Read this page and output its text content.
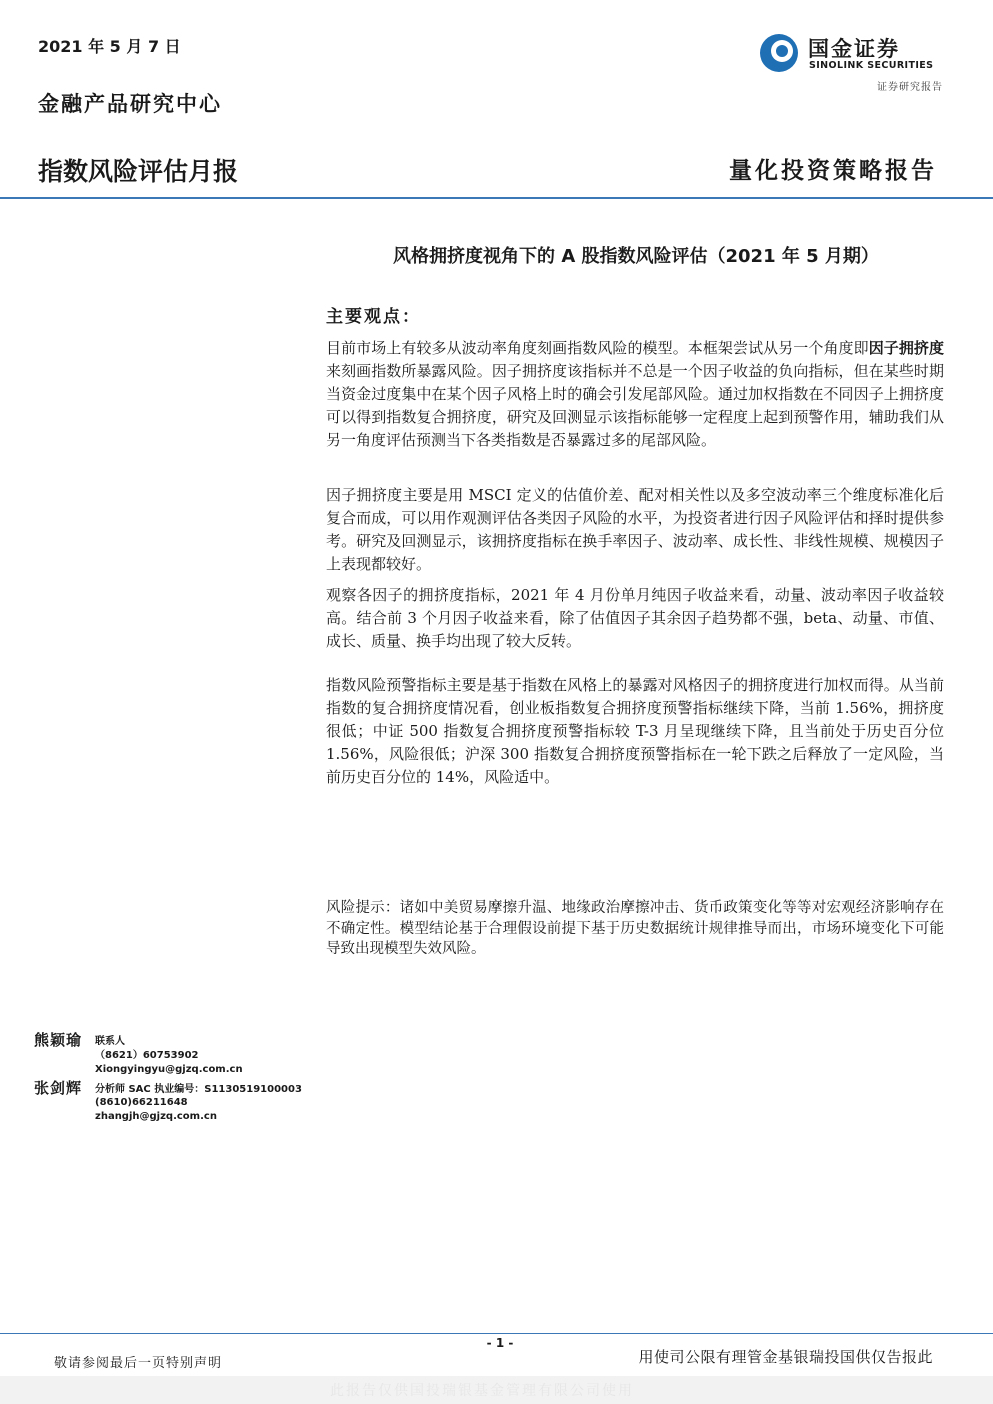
2021 年 5 月 7 日
金融产品研究中心
国金证券
SINOLINK SECURITIES
证券研究报告
指数风险评估月报	量化投资策略报告
风格拥挤度视角下的 A 股指数风险评估（2021 年 5 月期）
主要观点：
目前市场上有较多从波动率角度刻画指数风险的模型。本框架尝试从另一个角度即因子拥挤度来刻画指数所暴露风险。因子拥挤度该指标并不总是一个因子收益的负向指标，但在某些时期当资金过度集中在某个因子风格上时的确会引发尾部风险。通过加权指数在不同因子上拥挤度可以得到指数复合拥挤度，研究及回测显示该指标能够一定程度上起到预警作用，辅助我们从另一角度评估预测当下各类指数是否暴露过多的尾部风险。
因子拥挤度主要是用 MSCI 定义的估值价差、配对相关性以及多空波动率三个维度标准化后复合而成，可以用作观测评估各类因子风险的水平，为投资者进行因子风险评估和择时提供参考。研究及回测显示，该拥挤度指标在换手率因子、波动率、成长性、非线性规模、规模因子上表现都较好。
观察各因子的拥挤度指标，2021 年 4 月份单月纯因子收益来看，动量、波动率因子收益较高。结合前 3 个月因子收益来看，除了估值因子其余因子趋势都不强，beta、动量、市值、成长、质量、换手均出现了较大反转。
指数风险预警指标主要是基于指数在风格上的暴露对风格因子的拥挤度进行加权而得。从当前指数的复合拥挤度情况看，创业板指数复合拥挤度预警指标继续下降，当前 1.56%，拥挤度很低；中证 500 指数复合拥挤度预警指标较 T-3 月呈现继续下降，且当前处于历史百分位 1.56%，风险很低；沪深 300 指数复合拥挤度预警指标在一轮下跌之后释放了一定风险，当前历史百分位的 14%，风险适中。
风险提示：诸如中美贸易摩擦升温、地缘政治摩擦冲击、货币政策变化等等对宏观经济影响存在不确定性。模型结论基于合理假设前提下基于历史数据统计规律推导而出，市场环境变化下可能导致出现模型失效风险。
熊颖瑜 联系人
（8621）60753902
Xiongyingyu@gjzq.com.cn
张剑辉 分析师 SAC 执业编号：S1130519100003
(8610)66211648
zhangjh@gjzq.com.cn
- 1 -
敬请参阅最后一页特别声明	用使司公限有理管金基银瑞投国供仅告报此
此报告仅供国投瑞银基金管理有限公司使用
